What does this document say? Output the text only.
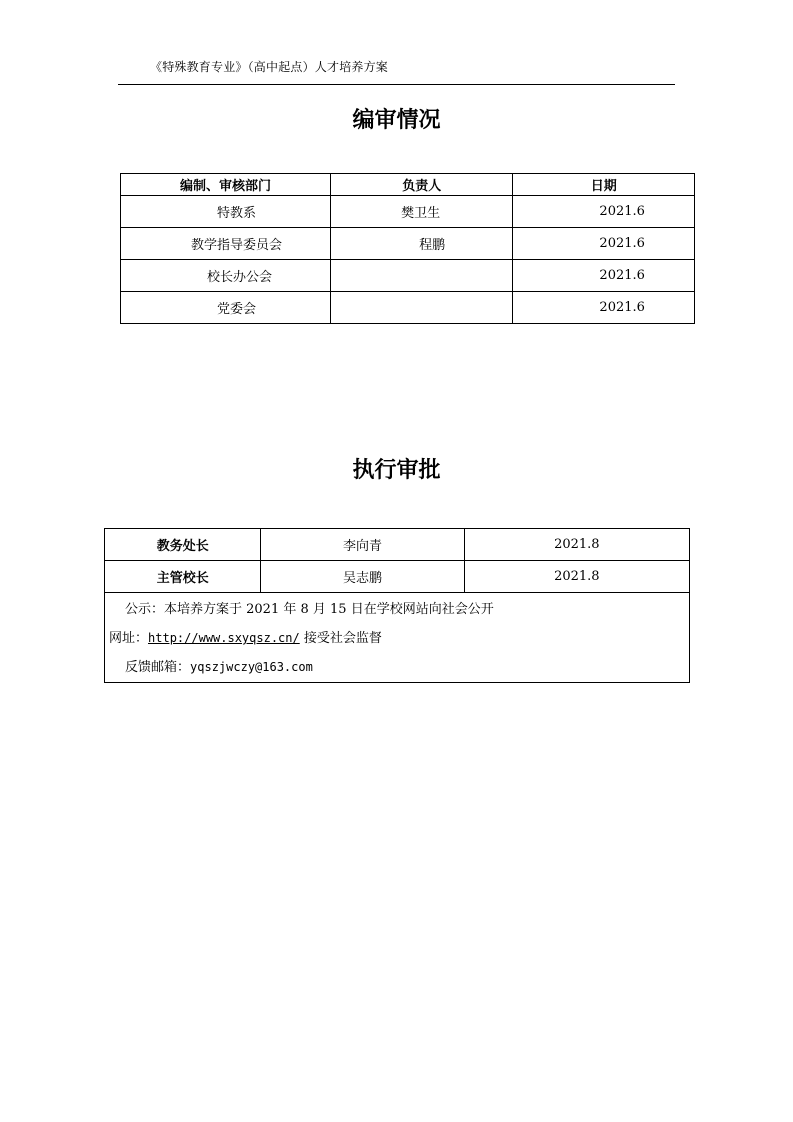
《特殊教育专业》（高中起点）人才培养方案
编审情况
编制、审核部门	负责人	日期
特教系	樊卫生	2021.6
教学指导委员会	程鹏	2021.6
校长办公会		2021.6
党委会		2021.6
执行审批
教务处长	李向青	2021.8
主管校长	吴志鹏	2021.8

公示：本培养方案于 2021 年 8 月 15 日在学校网站向社会公开
网址：http://www.sxyqsz.cn/ 接受社会监督
反馈邮箱：yqszjwczy@163.com		
